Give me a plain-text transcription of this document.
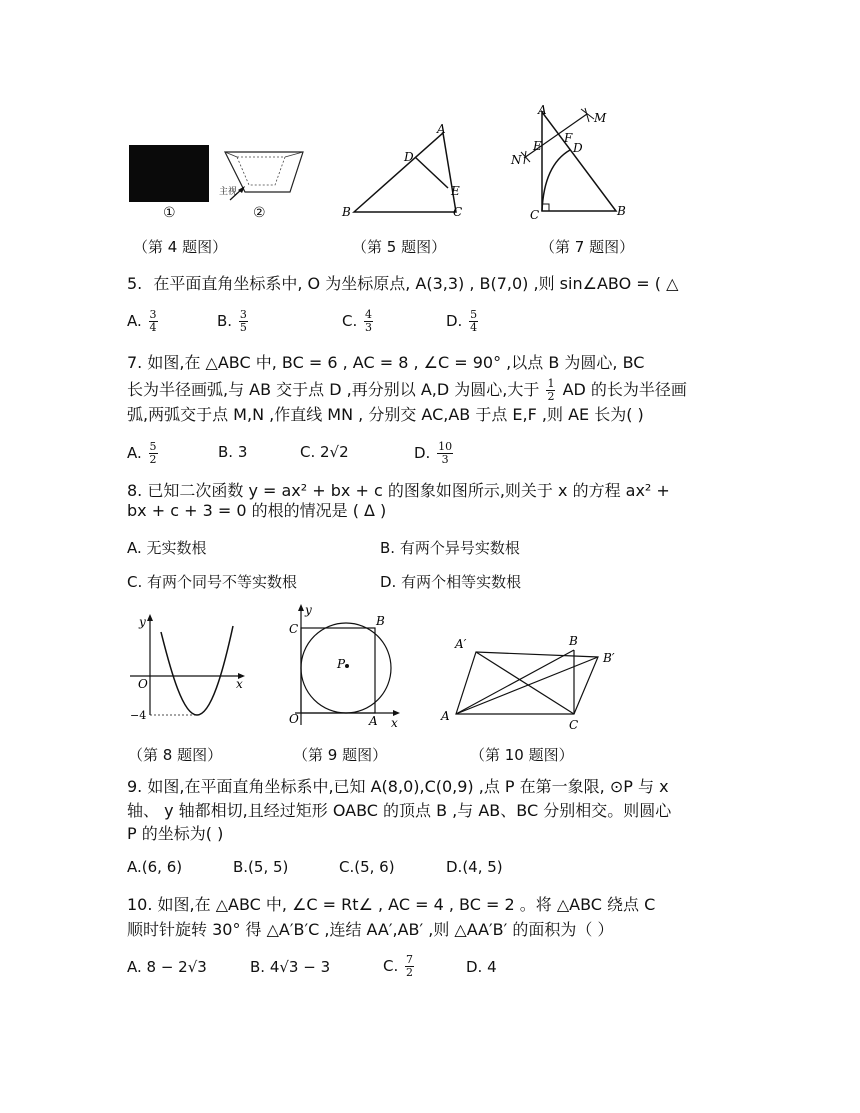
主视
①	②
（第 4 题图）
A
D
E
B	C
（第 5 题图）
A
M
F
D
N
E
C	B
（第 7 题图）
5. 在平面直角坐标系中, O 为坐标原点, A(3,3) , B(7,0) ,则 sin∠ABO = ( △
A. $\frac{3}{4}$	B. $\frac{3}{5}$	C. $\frac{4}{3}$	D. $\frac{5}{4}$
7. 如图,在 △ABC 中, BC = 6 , AC = 8 , ∠C = 90° ,以点 B 为圆心, BC
长为半径画弧,与 AB 交于点 D ,再分别以 A,D 为圆心,大于 $\frac{1}{2}$ AD 的长为半径画
弧,两弧交于点 M,N ,作直线 MN , 分别交 AC,AB 于点 E,F ,则 AE 长为( )
A. $\frac{5}{2}$	B. 3	C. 2√2	D. $\frac{10}{3}$
8. 已知二次函数 y = ax² + bx + c 的图象如图所示,则关于 x 的方程 ax² +
bx + c + 3 = 0 的根的情况是 ( Δ )
A. 无实数根	B. 有两个异号实数根
C. 有两个同号不等实数根	D. 有两个相等实数根
y
O	x
−4
（第 8 题图）
y
C
B
P
O	A x
（第 9 题图）
A′	B
B′
A
C
（第 10 题图）
9. 如图,在平面直角坐标系中,已知 A(8,0),C(0,9) ,点 P 在第一象限, ⊙P 与 x
轴、 y 轴都相切,且经过矩形 OABC 的顶点 B ,与 AB、BC 分别相交。则圆心
P 的坐标为( )
A.(6, 6)	B.(5, 5)	C.(5, 6)	D.(4, 5)
10. 如图,在 △ABC 中, ∠C = Rt∠ , AC = 4 , BC = 2 。将 △ABC 绕点 C
顺时针旋转 30° 得 △A′B′C ,连结 AA′,AB′ ,则 △AA′B′ 的面积为（ ）
A. 8 − 2√3	B. 4√3 − 3	C. $\frac{7}{2}$	D. 4
